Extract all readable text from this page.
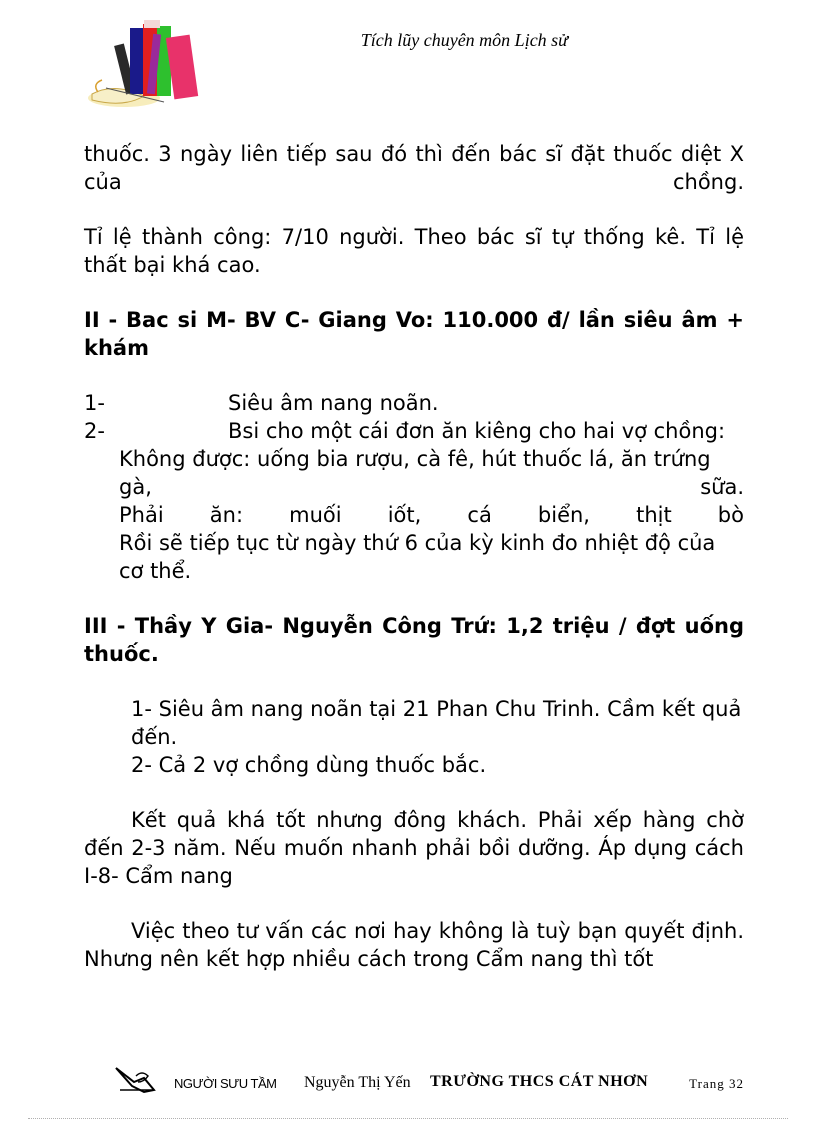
Tích lũy chuyên môn Lịch sử

thuốc. 3 ngày liên tiếp sau đó thì đến bác sĩ đặt thuốc diệt X

của chồng.

Tỉ lệ thành công: 7/10 người. Theo bác sĩ tự thống kê. Tỉ lệ thất bại khá cao.

II - Bac si M- BV C- Giang Vo: 110.000 đ/ lần siêu âm + khám

1-	Siêu âm nang noãn.
2-	Bsi cho một cái đơn ăn kiêng cho hai vợ chồng:

Không được: uống bia rượu, cà fê, hút thuốc lá, ăn trứng

gà, sữa.

Phải ăn: muối iốt, cá biển, thịt bò

Rồi sẽ tiếp tục từ ngày thứ 6 của kỳ kinh đo nhiệt độ của cơ thể.

III - Thầy Y Gia- Nguyễn Công Trứ: 1,2 triệu / đợt uống thuốc.

1- Siêu âm nang noãn tại 21 Phan Chu Trinh. Cầm kết quả đến.

2- Cả 2 vợ chồng dùng thuốc bắc.

Kết quả khá tốt nhưng đông khách. Phải xếp hàng chờ đến 2-3 năm. Nếu muốn nhanh phải bồi dưỡng. Áp dụng cách I-8- Cẩm nang

Việc theo tư vấn các nơi hay không là tuỳ bạn quyết định. Nhưng nên kết hợp nhiều cách trong Cẩm nang thì tốt

NGƯỜI SƯU TẦM Nguyễn Thị Yến TRƯỜNG THCS CÁT NHƠN	Trang 32
